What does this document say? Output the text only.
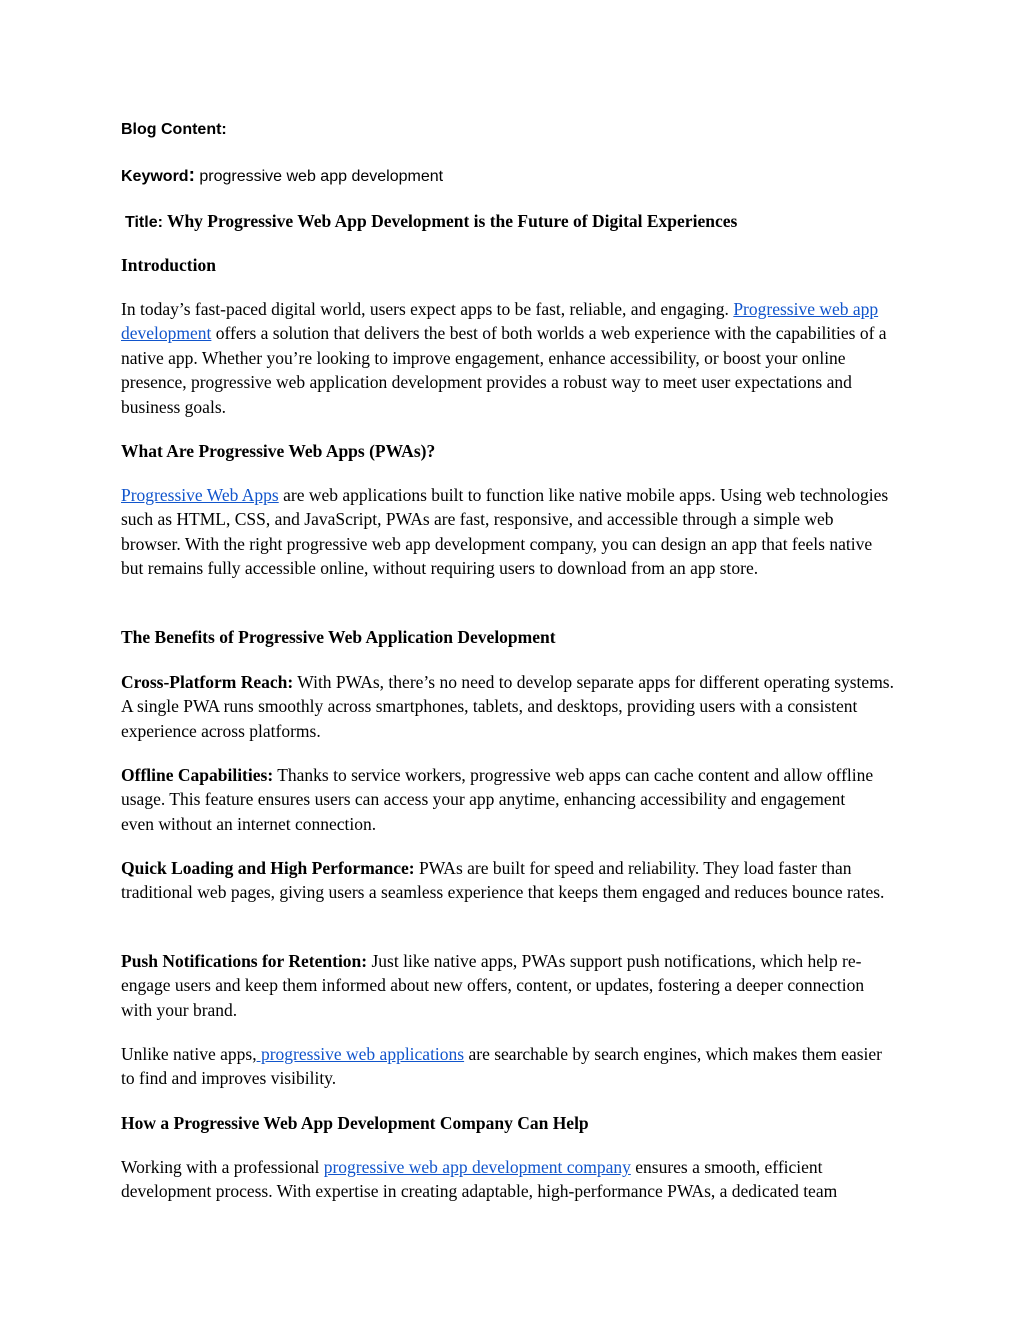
Blog Content:

Keyword: progressive web app development

Title: Why Progressive Web App Development is the Future of Digital Experiences

Introduction

In today’s fast-paced digital world, users expect apps to be fast, reliable, and engaging. Progressive web app development offers a solution that delivers the best of both worlds a web experience with the capabilities of a native app. Whether you’re looking to improve engagement, enhance accessibility, or boost your online presence, progressive web application development provides a robust way to meet user expectations and business goals.

What Are Progressive Web Apps (PWAs)?

Progressive Web Apps are web applications built to function like native mobile apps. Using web technologies such as HTML, CSS, and JavaScript, PWAs are fast, responsive, and accessible through a simple web browser. With the right progressive web app development company, you can design an app that feels native but remains fully accessible online, without requiring users to download from an app store.

The Benefits of Progressive Web Application Development

Cross-Platform Reach: With PWAs, there’s no need to develop separate apps for different operating systems. A single PWA runs smoothly across smartphones, tablets, and desktops, providing users with a consistent experience across platforms.

Offline Capabilities: Thanks to service workers, progressive web apps can cache content and allow offline usage. This feature ensures users can access your app anytime, enhancing accessibility and engagement even without an internet connection.

Quick Loading and High Performance: PWAs are built for speed and reliability. They load faster than traditional web pages, giving users a seamless experience that keeps them engaged and reduces bounce rates.

Push Notifications for Retention: Just like native apps, PWAs support push notifications, which help re-engage users and keep them informed about new offers, content, or updates, fostering a deeper connection with your brand.

Unlike native apps, progressive web applications are searchable by search engines, which makes them easier to find and improves visibility.

How a Progressive Web App Development Company Can Help

Working with a professional progressive web app development company ensures a smooth, efficient development process. With expertise in creating adaptable, high-performance PWAs, a dedicated team
